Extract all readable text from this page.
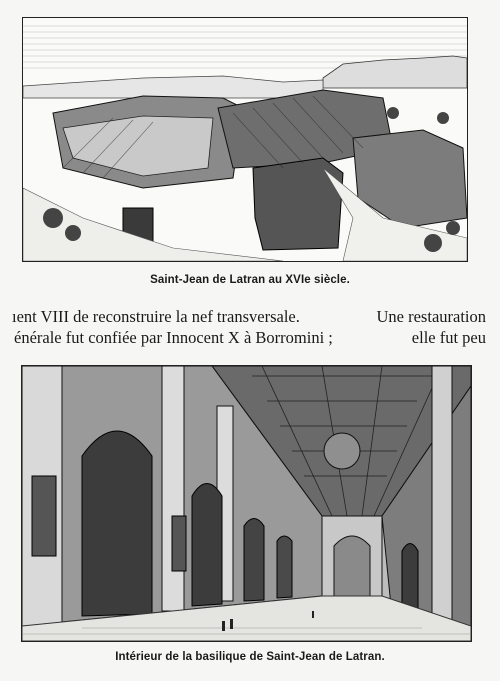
Saint-Jean de Latran au XVIe siècle.
ıent VIII de reconstruire la nef transversale.	Une restauration
énérale fut confiée par Innocent X à Borromini ;	elle fut peu
Intérieur de la basilique de Saint-Jean de Latran.
